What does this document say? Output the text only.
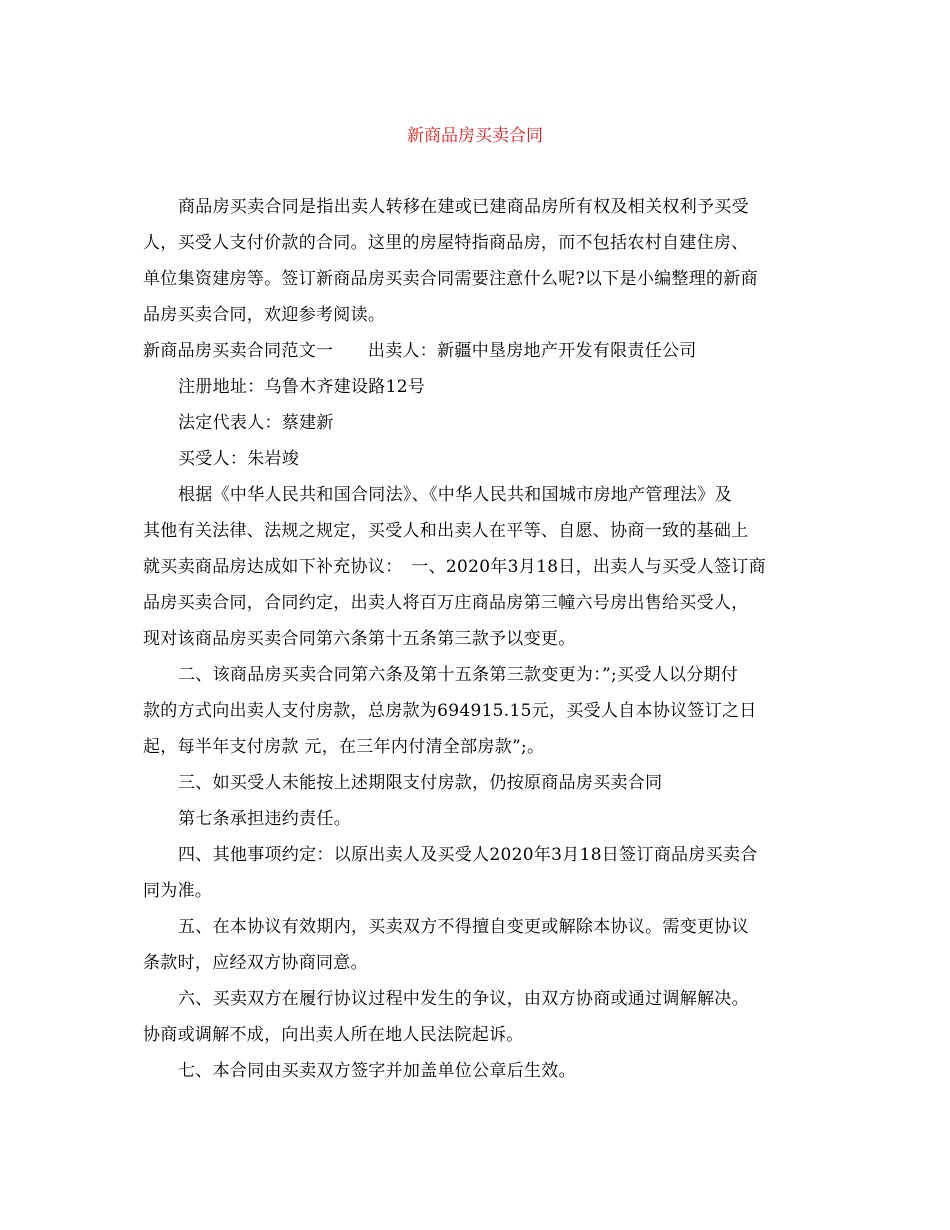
新商品房买卖合同
商品房买卖合同是指出卖人转移在建或已建商品房所有权及相关权利予买受
人，买受人支付价款的合同。这里的房屋特指商品房，而不包括农村自建住房、
单位集资建房等。签订新商品房买卖合同需要注意什么呢?以下是小编整理的新商
品房买卖合同，欢迎参考阅读。
新商品房买卖合同范文一　　出卖人：新疆中垦房地产开发有限责任公司
注册地址：乌鲁木齐建设路12号
法定代表人：蔡建新
买受人：朱岩竣
根据《中华人民共和国合同法》、《中华人民共和国城市房地产管理法》及
其他有关法律、法规之规定，买受人和出卖人在平等、自愿、协商一致的基础上
就买卖商品房达成如下补充协议：　一、2020年3月18日，出卖人与买受人签订商
品房买卖合同，合同约定，出卖人将百万庄商品房第三幢六号房出售给买受人，
现对该商品房买卖合同第六条第十五条第三款予以变更。
二、该商品房买卖合同第六条及第十五条第三款变更为：”;买受人以分期付
款的方式向出卖人支付房款，总房款为694915.15元，买受人自本协议签订之日
起，每半年支付房款 元，在三年内付清全部房款”;。
三、如买受人未能按上述期限支付房款，仍按原商品房买卖合同
第七条承担违约责任。
四、其他事项约定：以原出卖人及买受人2020年3月18日签订商品房买卖合
同为准。
五、在本协议有效期内，买卖双方不得擅自变更或解除本协议。需变更协议
条款时，应经双方协商同意。
六、买卖双方在履行协议过程中发生的争议，由双方协商或通过调解解决。
协商或调解不成，向出卖人所在地人民法院起诉。
七、本合同由买卖双方签字并加盖单位公章后生效。
